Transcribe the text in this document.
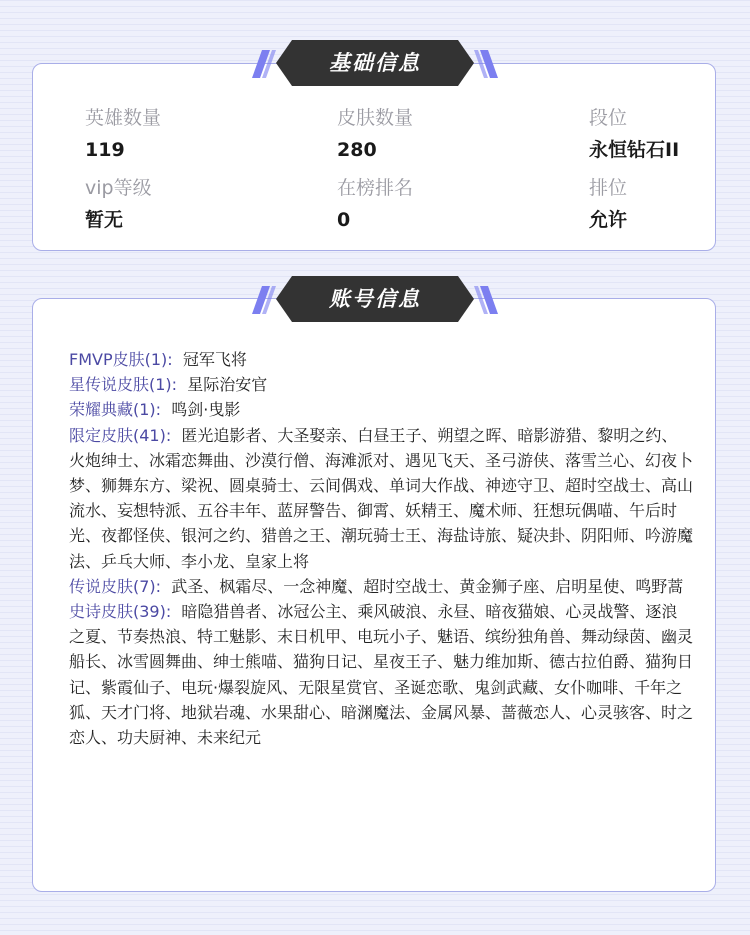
英雄数量
119
皮肤数量
280
段位
永恒钻石II
vip等级
暂无
在榜排名
0
排位
允许
基础信息

FMVP皮肤(1): 冠军飞将

星传说皮肤(1): 星际治安官

荣耀典藏(1): 鸣剑·曳影

限定皮肤(41): 匿光追影者、大圣娶亲、白昼王子、朔望之晖、暗影游猎、黎明之约、火炮绅士、冰霜恋舞曲、沙漠行僧、海滩派对、遇见飞天、圣弓游侠、落雪兰心、幻夜卜梦、狮舞东方、梁祝、圆桌骑士、云间偶戏、单词大作战、神迹守卫、超时空战士、高山流水、妄想特派、五谷丰年、蓝屏警告、御霄、妖精王、魔术师、狂想玩偶喵、午后时光、夜都怪侠、银河之约、猎兽之王、潮玩骑士王、海盐诗旅、疑决卦、阴阳师、吟游魔法、乒乓大师、李小龙、皇家上将

传说皮肤(7): 武圣、枫霜尽、一念神魔、超时空战士、黄金狮子座、启明星使、鸣野蒿

史诗皮肤(39): 暗隐猎兽者、冰冠公主、乘风破浪、永昼、暗夜猫娘、心灵战警、逐浪之夏、节奏热浪、特工魅影、末日机甲、电玩小子、魅语、缤纷独角兽、舞动绿茵、幽灵船长、冰雪圆舞曲、绅士熊喵、猫狗日记、星夜王子、魅力维加斯、德古拉伯爵、猫狗日记、紫霞仙子、电玩·爆裂旋风、无限星赏官、圣诞恋歌、鬼剑武藏、女仆咖啡、千年之狐、天才门将、地狱岩魂、水果甜心、暗渊魔法、金属风暴、蔷薇恋人、心灵骇客、时之恋人、功夫厨神、未来纪元

账号信息
